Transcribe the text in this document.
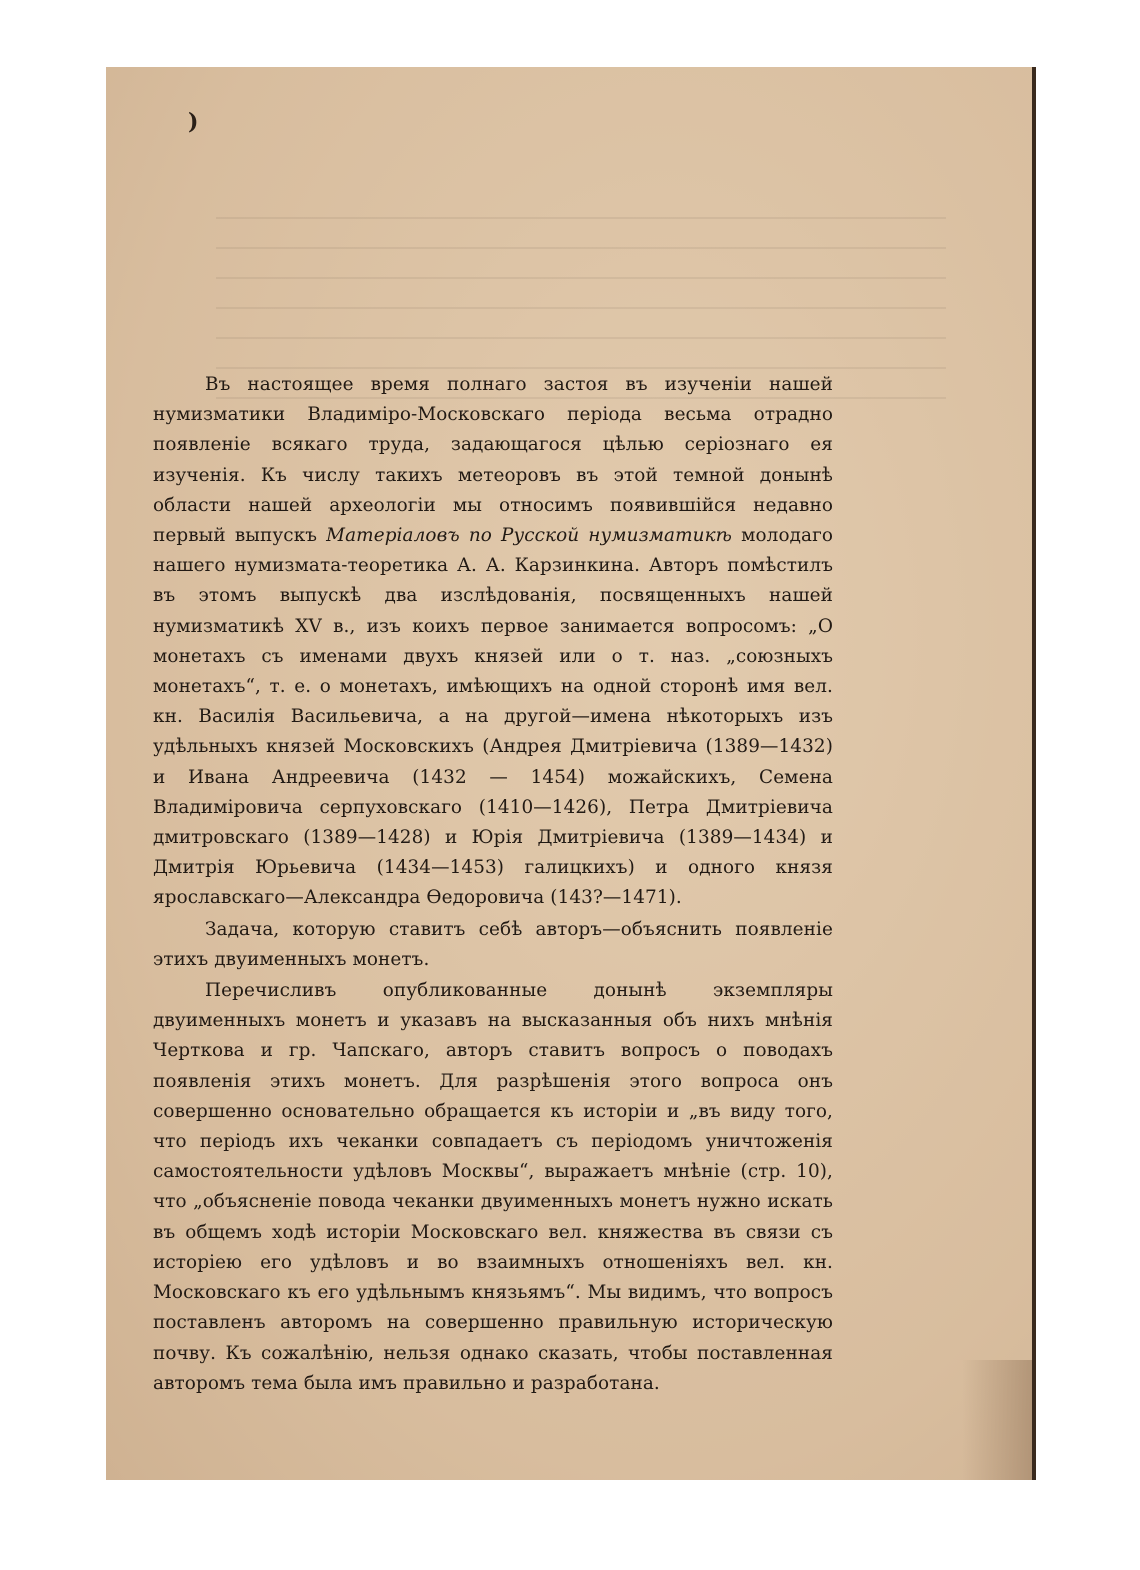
)

Въ настоящее время полнаго застоя въ изученіи нашей нумизматики Владиміро-Московскаго періода весьма отрадно появленіе всякаго труда, задающагося цѣлью серіознаго ея изученія. Къ числу такихъ метеоровъ въ этой темной донынѣ области нашей археологіи мы относимъ появившійся недавно первый выпускъ Матеріаловъ по Русской нумизматикѣ молодаго нашего нумизмата-теоретика А. А. Карзинкина. Авторъ помѣстилъ въ этомъ выпускѣ два изслѣдованія, посвященныхъ нашей нумизматикѣ XV в., изъ коихъ первое занимается вопросомъ: „О монетахъ съ именами двухъ князей или о т. наз. „союзныхъ монетахъ“, т. е. о монетахъ, имѣющихъ на одной сторонѣ имя вел. кн. Василія Васильевича, а на другой—имена нѣкоторыхъ изъ удѣльныхъ князей Московскихъ (Андрея Дмитріевича (1389—1432) и Ивана Андреевича (1432 — 1454) можайскихъ, Семена Владиміровича серпуховскаго (1410—1426), Петра Дмитріевича дмитровскаго (1389—1428) и Юрія Дмитріевича (1389—1434) и Дмитрія Юрьевича (1434—1453) галицкихъ) и одного князя ярославскаго—Александра Ѳедоровича (143?—1471).

Задача, которую ставитъ себѣ авторъ—объяснить появленіе этихъ двуименныхъ монетъ.

Перечисливъ опубликованные донынѣ экземпляры двуименныхъ монетъ и указавъ на высказанныя объ нихъ мнѣнія Черткова и гр. Чапскаго, авторъ ставитъ вопросъ о поводахъ появленія этихъ монетъ. Для разрѣшенія этого вопроса онъ совершенно основательно обращается къ исторіи и „въ виду того, что періодъ ихъ чеканки совпадаетъ съ періодомъ уничтоженія самостоятельности удѣловъ Москвы“, выражаетъ мнѣніе (стр. 10), что „объясненіе повода чеканки двуименныхъ монетъ нужно искать въ общемъ ходѣ исторіи Московскаго вел. княжества въ связи съ исторіею его удѣловъ и во взаимныхъ отношеніяхъ вел. кн. Московскаго къ его удѣльнымъ князьямъ“. Мы видимъ, что вопросъ поставленъ авторомъ на совершенно правильную историческую почву. Къ сожалѣнію, нельзя однако сказать, чтобы поставленная авторомъ тема была имъ правильно и разработана.
